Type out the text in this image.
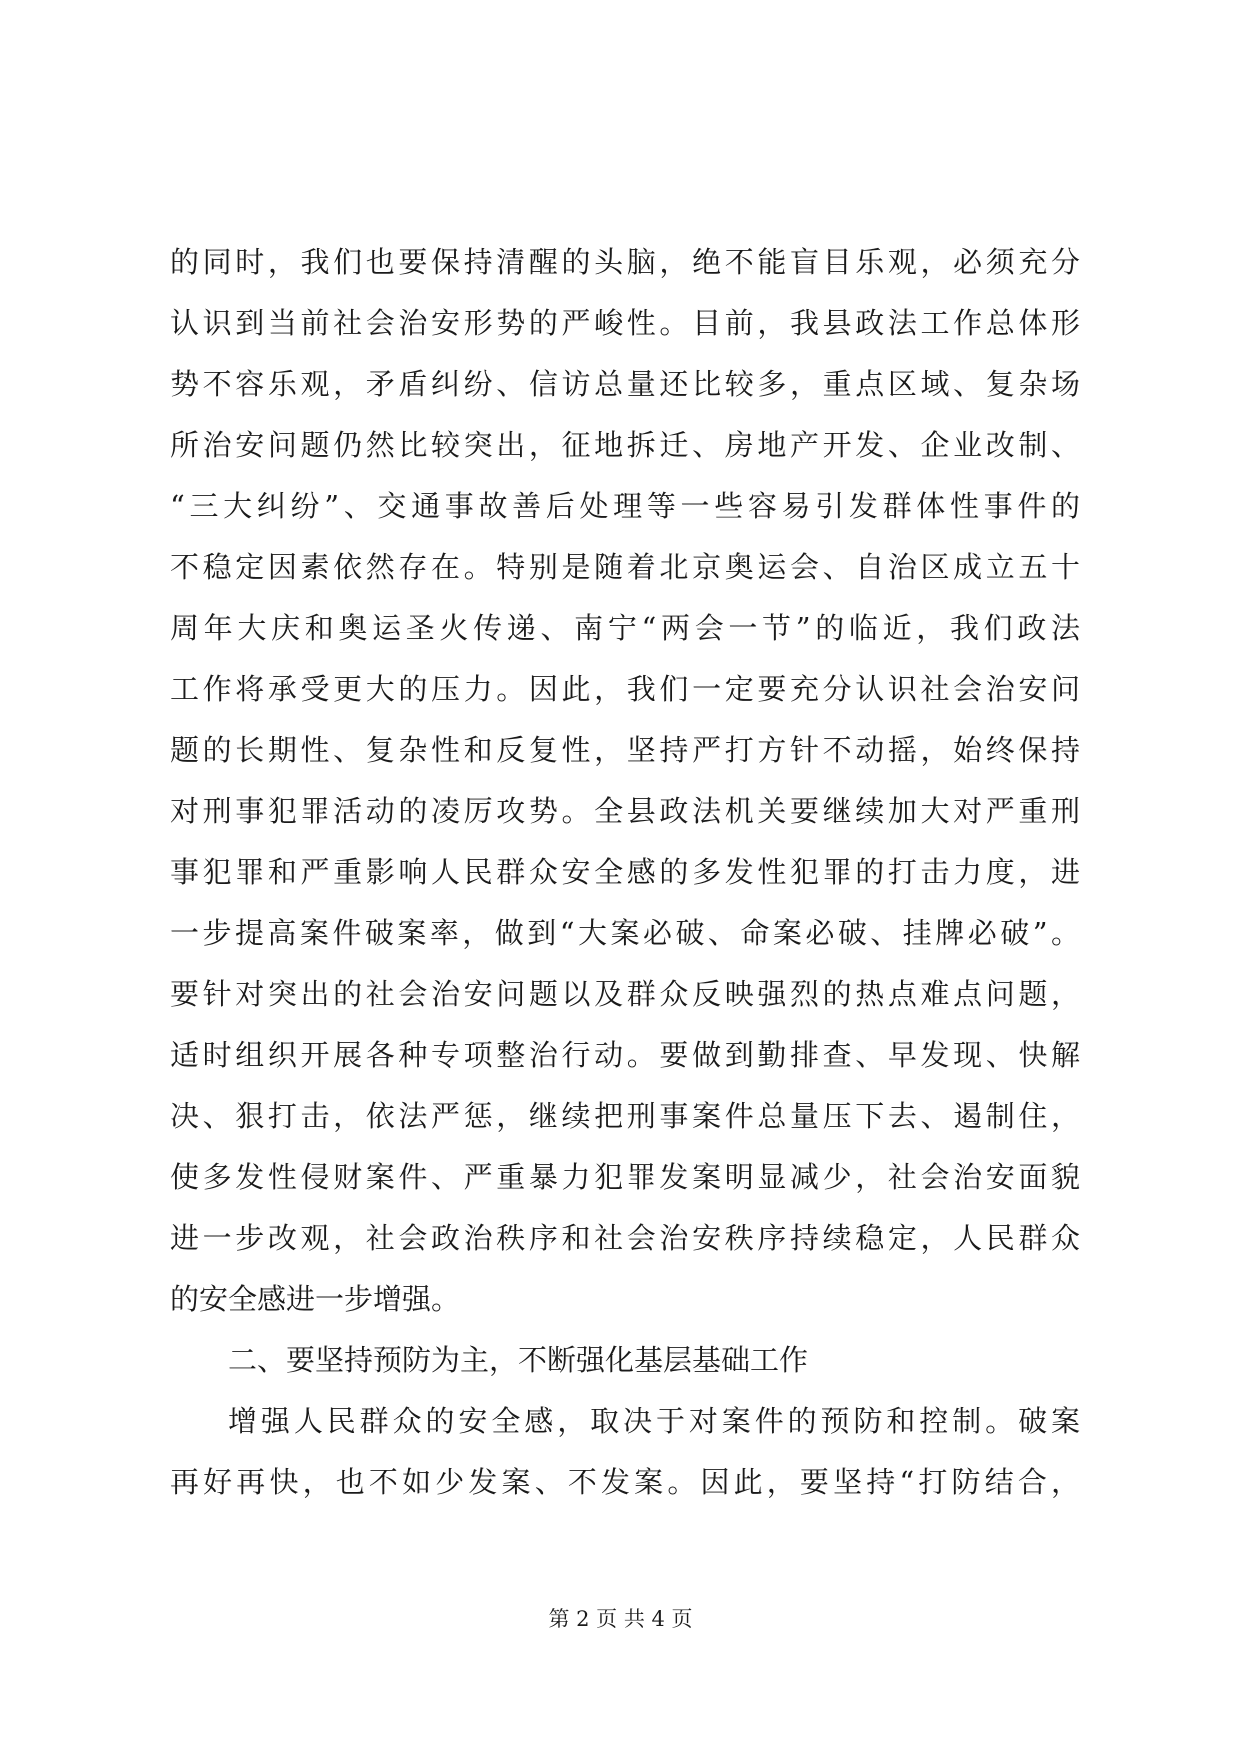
的同时，我们也要保持清醒的头脑，绝不能盲目乐观，必须充分
认识到当前社会治安形势的严峻性。目前，我县政法工作总体形
势不容乐观，矛盾纠纷、信访总量还比较多，重点区域、复杂场
所治安问题仍然比较突出，征地拆迁、房地产开发、企业改制、
“三大纠纷”、交通事故善后处理等一些容易引发群体性事件的
不稳定因素依然存在。特别是随着北京奥运会、自治区成立五十
周年大庆和奥运圣火传递、南宁“两会一节”的临近，我们政法
工作将承受更大的压力。因此，我们一定要充分认识社会治安问
题的长期性、复杂性和反复性，坚持严打方针不动摇，始终保持
对刑事犯罪活动的凌厉攻势。全县政法机关要继续加大对严重刑
事犯罪和严重影响人民群众安全感的多发性犯罪的打击力度，进
一步提高案件破案率，做到“大案必破、命案必破、挂牌必破”。
要针对突出的社会治安问题以及群众反映强烈的热点难点问题，
适时组织开展各种专项整治行动。要做到勤排查、早发现、快解
决、狠打击，依法严惩，继续把刑事案件总量压下去、遏制住，
使多发性侵财案件、严重暴力犯罪发案明显减少，社会治安面貌
进一步改观，社会政治秩序和社会治安秩序持续稳定，人民群众
的安全感进一步增强。
二、要坚持预防为主，不断强化基层基础工作
增强人民群众的安全感，取决于对案件的预防和控制。破案
再好再快，也不如少发案、不发案。因此，要坚持“打防结合，
第 2 页 共 4 页
